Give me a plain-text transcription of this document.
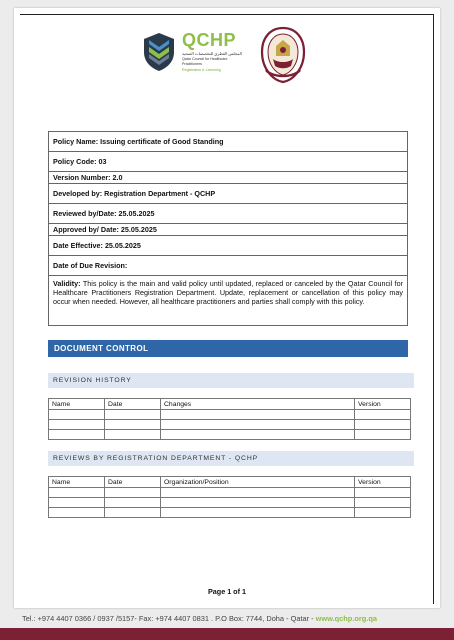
QCHP
المجلس القطري للتخصصات الصحية
Qatar Council for Healthcare
Practitioners
Registration & Licensing
Policy Name: Issuing certificate of Good Standing
Policy Code: 03
Version Number: 2.0
Developed by: Registration Department - QCHP
Reviewed by/Date: 25.05.2025
Approved by/ Date: 25.05.2025
Date Effective: 25.05.2025
Date of Due Revision:
Validity: This policy is the main and valid policy until updated, replaced or canceled by the Qatar Council for Healthcare Practitioners Registration Department. Update, replacement or cancellation of this policy may occur when needed. However, all healthcare practitioners and parties shall comply with this policy.
DOCUMENT CONTROL
REVISION HISTORY
Name	Date	Changes	Version

REVIEWS BY REGISTRATION DEPARTMENT - QCHP
Name	Date	Organization/Position	Version

Page 1 of 1
Tel.: +974 4407 0366 / 0937 /5157- Fax: +974 4407 0831 . P.O Box: 7744, Doha - Qatar - www.qchp.org.qa
